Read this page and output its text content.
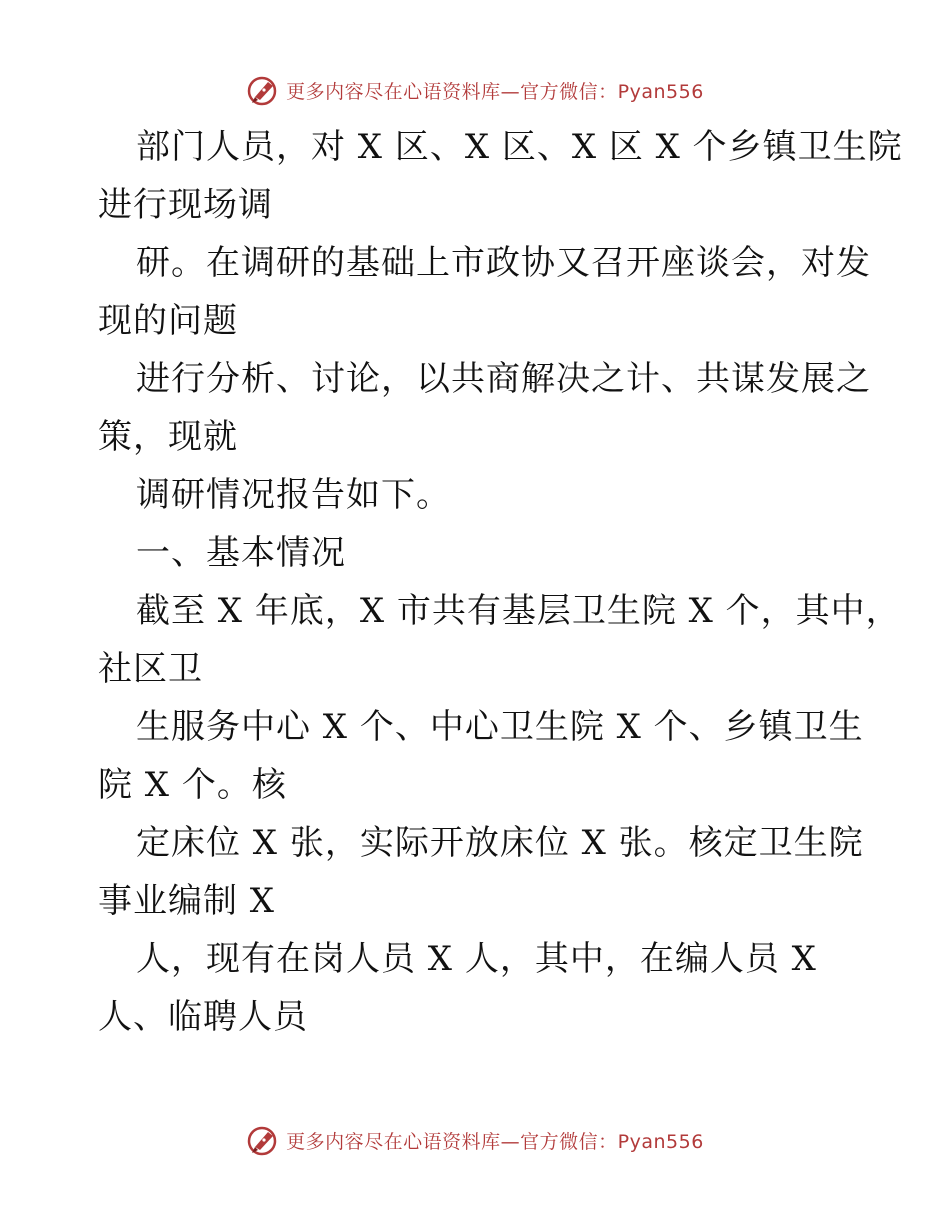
更多内容尽在心语资料库—官方微信：Pyan556
部门人员，对 X 区、X 区、X 区 X 个乡镇卫生院
进行现场调
研。在调研的基础上市政协又召开座谈会，对发
现的问题
进行分析、讨论，以共商解决之计、共谋发展之
策，现就
调研情况报告如下。
一、基本情况
截至 X 年底，X 市共有基层卫生院 X 个，其中，
社区卫
生服务中心 X 个、中心卫生院 X 个、乡镇卫生
院 X 个。核
定床位 X 张，实际开放床位 X 张。核定卫生院
事业编制 X
人，现有在岗人员 X 人，其中，在编人员 X
人、临聘人员
更多内容尽在心语资料库—官方微信：Pyan556
